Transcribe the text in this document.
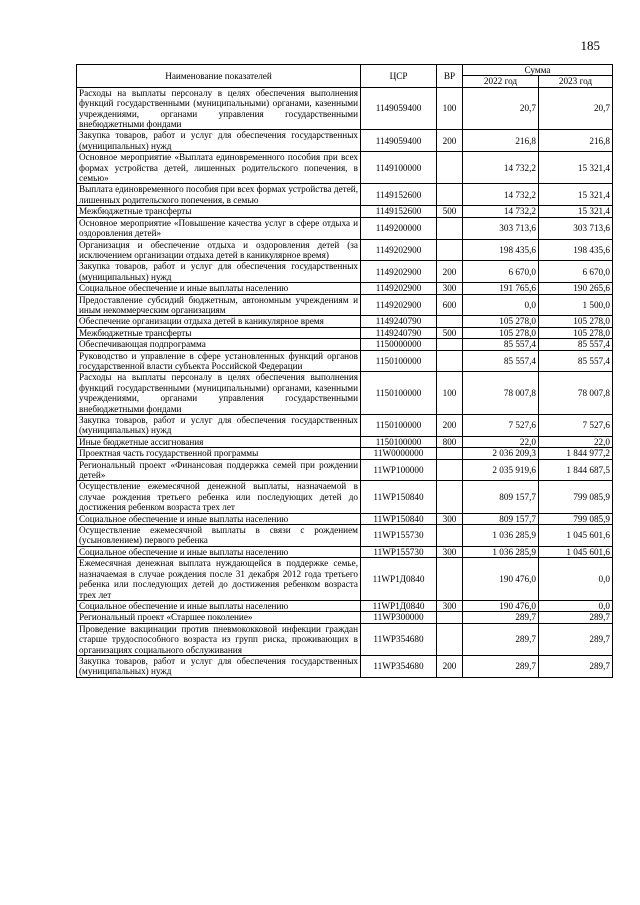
185
Наименование показателей	ЦСР	ВР	Сумма	
			2022 год	2023 год
Расходы на выплаты персоналу в целях обеспечения выполнения функций государственными (муниципальными) органами, казенными учреждениями, органами управления государственными внебюджетными фондами	1149059400	100	20,7	20,7
Закупка товаров, работ и услуг для обеспечения государственных (муниципальных) нужд	1149059400	200	216,8	216,8
Основное мероприятие «Выплата единовременного пособия при всех формах устройства детей, лишенных родительского попечения, в семью»	1149100000		14 732,2	15 321,4
Выплата единовременного пособия при всех формах устройства детей, лишенных родительского попечения, в семью	1149152600		14 732,2	15 321,4
Межбюджетные трансферты	1149152600	500	14 732,2	15 321,4
Основное мероприятие «Повышение качества услуг в сфере отдыха и оздоровления детей»	1149200000		303 713,6	303 713,6
Организация и обеспечение отдыха и оздоровления детей (за исключением организации отдыха детей в каникулярное время)	1149202900		198 435,6	198 435,6
Закупка товаров, работ и услуг для обеспечения государственных (муниципальных) нужд	1149202900	200	6 670,0	6 670,0
Социальное обеспечение и иные выплаты населению	1149202900	300	191 765,6	190 265,6
Предоставление субсидий бюджетным, автономным учреждениям и иным некоммерческим организациям	1149202900	600	0,0	1 500,0
Обеспечение организации отдыха детей в каникулярное время	1149240790		105 278,0	105 278,0
Межбюджетные трансферты	1149240790	500	105 278,0	105 278,0
Обеспечивающая подпрограмма	1150000000		85 557,4	85 557,4
Руководство и управление в сфере установленных функций органов государственной власти субъекта Российской Федерации	1150100000		85 557,4	85 557,4
Расходы на выплаты персоналу в целях обеспечения выполнения функций государственными (муниципальными) органами, казенными учреждениями, органами управления государственными внебюджетными фондами	1150100000	100	78 007,8	78 007,8
Закупка товаров, работ и услуг для обеспечения государственных (муниципальных) нужд	1150100000	200	7 527,6	7 527,6
Иные бюджетные ассигнования	1150100000	800	22,0	22,0
Проектная часть государственной программы	11W0000000		2 036 209,3	1 844 977,2
Региональный проект «Финансовая поддержка семей при рождении детей»	11WP100000		2 035 919,6	1 844 687,5
Осуществление ежемесячной денежной выплаты, назначаемой в случае рождения третьего ребенка или последующих детей до достижения ребенком возраста трех лет	11WP150840		809 157,7	799 085,9
Социальное обеспечение и иные выплаты населению	11WP150840	300	809 157,7	799 085,9
Осуществление ежемесячной выплаты в связи с рождением (усыновлением) первого ребенка	11WP155730		1 036 285,9	1 045 601,6
Социальное обеспечение и иные выплаты населению	11WP155730	300	1 036 285,9	1 045 601,6
Ежемесячная денежная выплата нуждающейся в поддержке семье, назначаемая в случае рождения после 31 декабря 2012 года третьего ребенка или последующих детей до достижения ребенком возраста трех лет	11WP1Д0840		190 476,0	0,0
Социальное обеспечение и иные выплаты населению	11WP1Д0840	300	190 476,0	0,0
Региональный проект «Старшее поколение»	11WP300000		289,7	289,7
Проведение вакцинации против пневмококковой инфекции граждан старше трудоспособного возраста из групп риска, проживающих в организациях социального обслуживания	11WP354680		289,7	289,7
Закупка товаров, работ и услуг для обеспечения государственных (муниципальных) нужд	11WP354680	200	289,7	289,7
